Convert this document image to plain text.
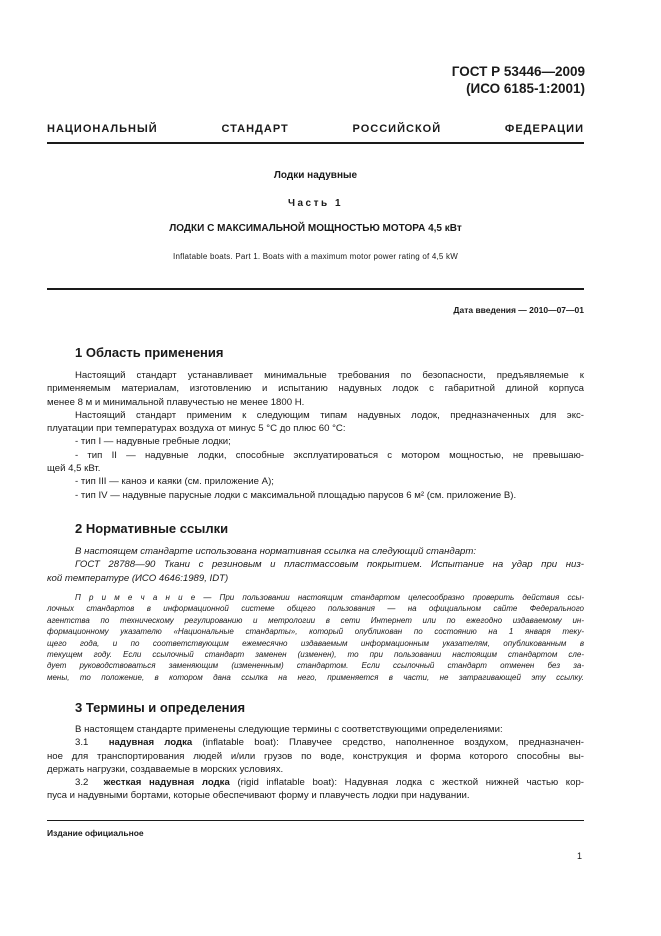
ГОСТ Р 53446—2009
(ИСО 6185-1:2001)
НАЦИОНАЛЬНЫЙ СТАНДАРТ РОССИЙСКОЙ ФЕДЕРАЦИИ
Лодки надувные
Часть 1
ЛОДКИ С МАКСИМАЛЬНОЙ МОЩНОСТЬЮ МОТОРА 4,5 кВт
Inflatable boats. Part 1. Boats with a maximum motor power rating of 4,5 kW
Дата введения — 2010—07—01
1 Область применения
Настоящий стандарт устанавливает минимальные требования по безопасности, предъявляемые к
применяемым материалам, изготовлению и испытанию надувных лодок с габаритной длиной корпуса
менее 8 м и минимальной плавучестью не менее 1800 Н.
Настоящий стандарт применим к следующим типам надувных лодок, предназначенных для экс-
плуатации при температурах воздуха от минус 5 °С до плюс 60 °С:
- тип I — надувные гребные лодки;
- тип II — надувные лодки, способные эксплуатироваться с мотором мощностью, не превышаю-
щей 4,5 кВт.
- тип III — каноэ и каяки (см. приложение А);
- тип IV — надувные парусные лодки с максимальной площадью парусов 6 м² (см. приложение В).
2 Нормативные ссылки
В настоящем стандарте использована нормативная ссылка на следующий стандарт:
ГОСТ 28788—90 Ткани с резиновым и пластмассовым покрытием. Испытание на удар при низ-
кой температуре (ИСО 4646:1989, IDT)
П р и м е ч а н и е — При пользовании настоящим стандартом целесообразно проверить действия ссы-
лочных стандартов в информационной системе общего пользования — на официальном сайте Федерального
агентства по техническому регулированию и метрологии в сети Интернет или по ежегодно издаваемому ин-
формационному указателю «Национальные стандарты», который опубликован по состоянию на 1 января теку-
щего года, и по соответствующим ежемесячно издаваемым информационным указателям, опубликованным в
текущем году. Если ссылочный стандарт заменен (изменен), то при пользовании настоящим стандартом сле-
дует руководствоваться заменяющим (измененным) стандартом. Если ссылочный стандарт отменен без за-
мены, то положение, в котором дана ссылка на него, применяется в части, не затрагивающей эту ссылку.
3 Термины и определения
В настоящем стандарте применены следующие термины с соответствующими определениями:
3.1 надувная лодка (inflatable boat): Плавучее средство, наполненное воздухом, предназначен-
ное для транспортирования людей и/или грузов по воде, конструкция и форма которого способны вы-
держать нагрузки, создаваемые в морских условиях.
3.2 жесткая надувная лодка (rigid inflatable boat): Надувная лодка с жесткой нижней частью кор-
пуса и надувными бортами, которые обеспечивают форму и плавучесть лодки при надувании.
Издание официальное
1
